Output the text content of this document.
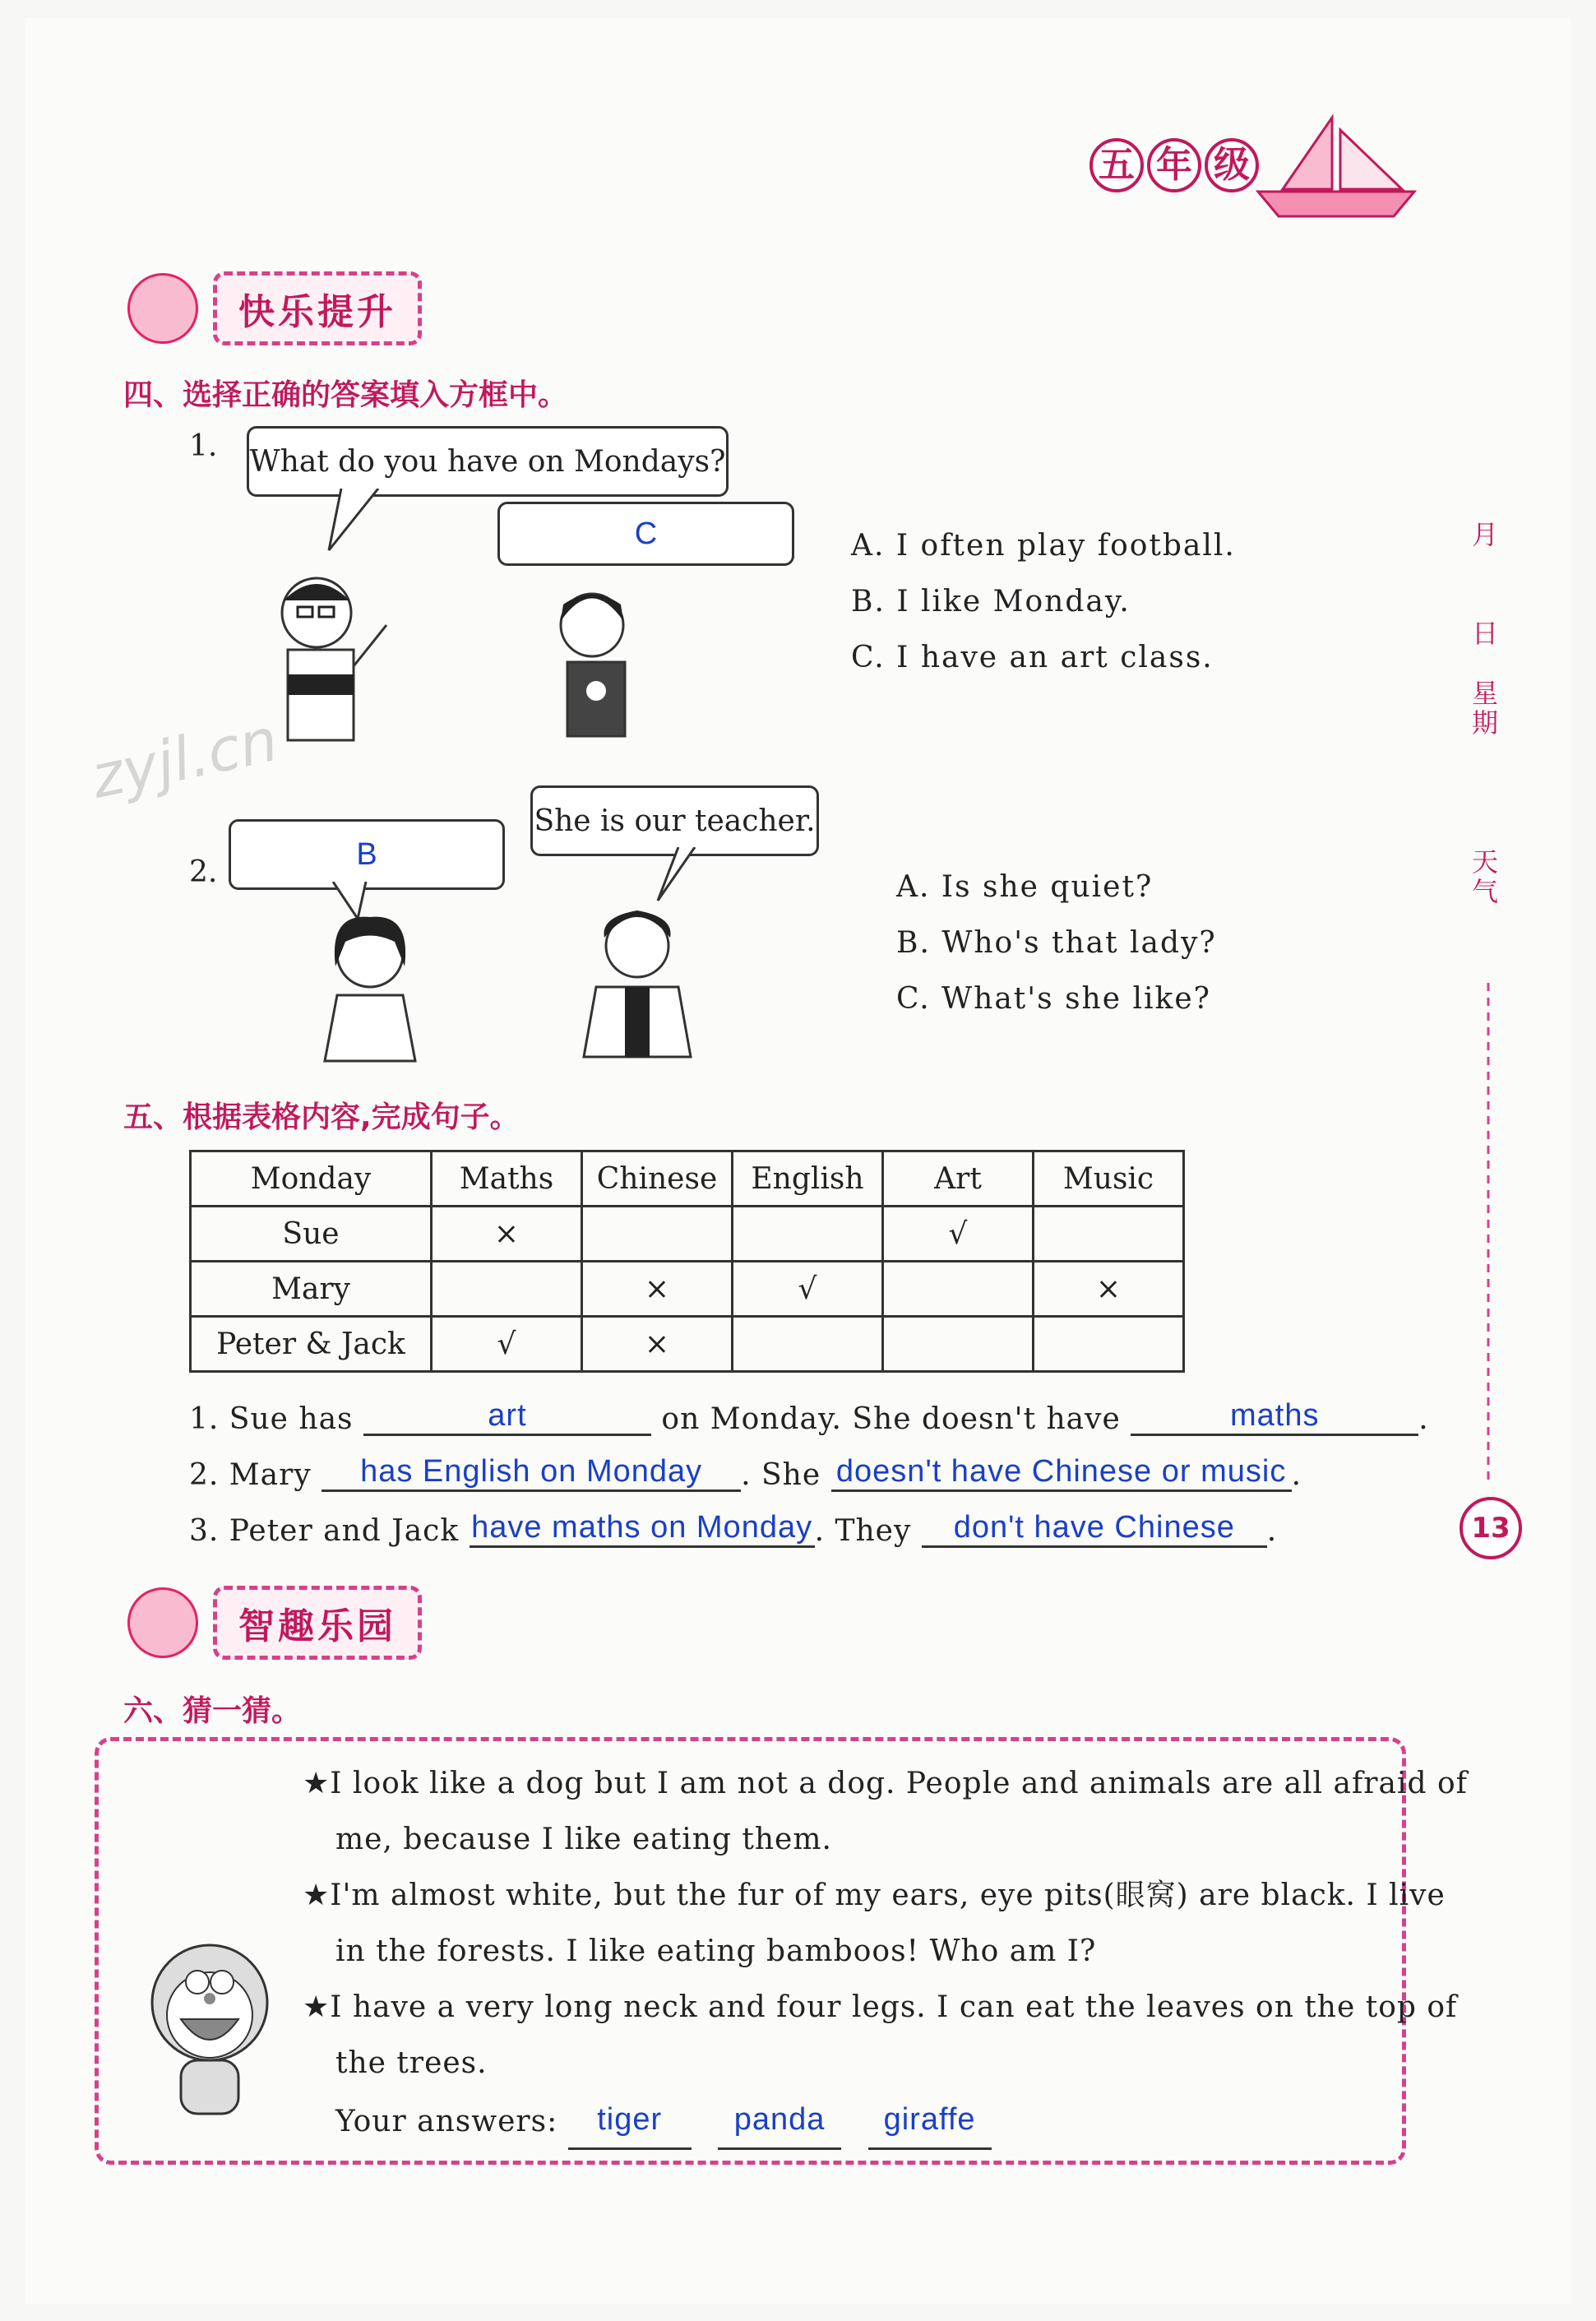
五 年 级
快乐提升
四、选择正确的答案填入方框中。
1. What do you have on Mondays?
C	A. I often play football.
B. I like Monday.
C. I have an art class.
zyjl.cn
She is our teacher.
2.
B
A. Is she quiet?
B. Who's that lady?
C. What's she like?
五、根据表格内容,完成句子。
Monday	Maths	Chinese	English	Art	Music
Sue	×			√	
Mary		×	√		×
Peter & Jack	√	×			
1. Sue has	art	on Monday. She doesn't have	maths	.
2. Mary has English on Monday . She doesn't have Chinese or music .
3. Peter and Jack have maths on Monday. They don't have Chinese .
智趣乐园
六、猜一猜。
★I look like a dog but I am not a dog. People and animals are all afraid of
me, because I like eating them.
★I'm almost white, but the fur of my ears, eye pits(眼窝) are black. I live
in the forests. I like eating bamboos! Who am I?
★I have a very long neck and four legs. I can eat the leaves on the top of
the trees.
Your answers: tiger panda giraffe
月
日
星期
天气
13
